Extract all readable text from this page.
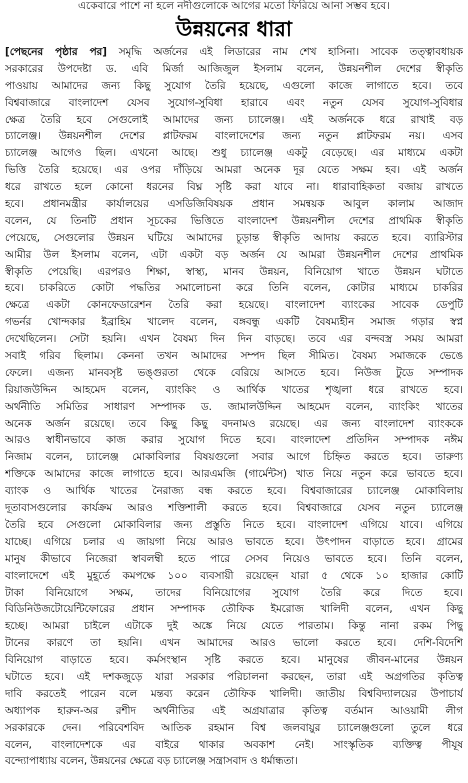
একেবারে পাশে না হলে নদীগুলোকে আগের মতো ফিরিয়ে আনা সম্ভব হবে।
উন্নয়নের ধারা
[পেছনের পৃষ্ঠার পর] সমৃদ্ধি অর্জনের এই লিডারের নাম শেখ হাসিনা। সাবেক তত্ত্বাবধায়ক
সরকারের উপদেষ্টা ড. এবি মির্জা আজিজুল ইসলাম বলেন, উন্নয়নশীল দেশের স্বীকৃতি
পাওয়ায় আমাদের জন্য কিছু সুযোগ তৈরি হয়েছে, এগুলো কাজে লাগাতে হবে। তবে
বিশ্ববাজারে বাংলাদেশ যেসব সুযোগ-সুবিধা হারাবে এবং নতুন যেসব সুযোগ-সুবিধার
ক্ষেত্র তৈরি হবে সেগুলোই আমাদের জন্য চ্যালেঞ্জ। এই অর্জনকে ধরে রাখাই বড়
চ্যালেঞ্জ। উন্নয়নশীল দেশের প্লাটফরম বাংলাদেশের জন্য নতুন প্লাটফরম নয়। এসব
চ্যালেঞ্জ আগেও ছিল। এখনো আছে। শুধু চ্যালেঞ্জ একটু বেড়েছে। এর মাধ্যমে একটা
ভিত্তি তৈরি হয়েছে। এর ওপর দাঁড়িয়ে আমরা অনেক দূর যেতে সক্ষম হব। এই অর্জন
ধরে রাখতে হলে কোনো ধরনের বিঘ্ন সৃষ্টি করা যাবে না। ধারাবাহিকতা বজায় রাখতে
হবে। প্রধানমন্ত্রীর কার্যালয়ের এসডিজিবিষয়ক প্রধান সমন্বয়ক আবুল কালাম আজাদ
বলেন, যে তিনটি প্রধান সূচকের ভিত্তিতে বাংলাদেশ উন্নয়নশীল দেশের প্রাথমিক স্বীকৃতি
পেয়েছে, সেগুলোর উন্নয়ন ঘটিয়ে আমাদের চূড়ান্ত স্বীকৃতি আদায় করতে হবে। ব্যারিস্টার
আমীর উল ইসলাম বলেন, এটা একটা বড় অর্জন যে আমরা উন্নয়নশীল দেশের প্রাথমিক
স্বীকৃতি পেয়েছি। এরপরও শিক্ষা, স্বাস্থ্য, মানব উন্নয়ন, বিনিয়োগ খাতে উন্নয়ন ঘটাতে
হবে। চাকরিতে কোটা পদ্ধতির সমালোচনা করে তিনি বলেন, কোটার মাধ্যমে চাকরির
ক্ষেত্রে একটা কোনফেডারেশন তৈরি করা হয়েছে। বাংলাদেশ ব্যাংকের সাবেক ডেপুটি
গভর্নর খোন্দকার ইব্রাহিম খালেদ বলেন, বঙ্গবন্ধু একটি বৈষম্যহীন সমাজ গড়ার স্বপ্ন
দেখেছিলেন। সেটা হয়নি। এখন বৈষম্য দিন দিন বাড়ছে। তবে এর বন্দবস্ত্র সময় আমরা
সবাই গরিব ছিলাম। কেননা তখন আমাদের সম্পদ ছিল সীমিত। বৈষম্য সমাজকে ভেঙে
ফেলে। এজন্য মানবসৃষ্ট ভঙ্গুরতা থেকে বেরিয়ে আসতে হবে। নিউজ টুডে সম্পাদক
রিয়াজউদ্দিন আহমেদ বলেন, ব্যাংকিং ও আর্থিক খাতের শৃঙ্খলা ধরে রাখতে হবে।
অর্থনীতি সমিতির সাধারণ সম্পাদক ড. জামালউদ্দিন আহমেদ বলেন, ব্যাংকিং খাতের
অনেক অর্জন রয়েছে। তবে কিছু কিছু বদনামও রয়েছে। এর জন্য বাংলাদেশ ব্যাংককে
আরও স্বাধীনভাবে কাজ করার সুযোগ দিতে হবে। বাংলাদেশ প্রতিদিন সম্পাদক নঈম
নিজাম বলেন, চ্যালেঞ্জ মোকাবিলার বিষয়গুলো সবার আগে চিহ্নিত করতে হবে। তারুণ্য
শক্তিকে আমাদের কাজে লাগাতে হবে। আরএমজি (গার্মেন্টস) খাত নিয়ে নতুন করে ভাবতে হবে।
ব্যাংক ও আর্থিক খাতের নৈরাজ্য বন্ধ করতে হবে। বিশ্ববাজারের চ্যালেঞ্জ মোকাবিলায়
দূতাবাসগুলোর কার্যক্রম আরও শক্তিশালী করতে হবে। বিশ্ববাজারে যেসব নতুন চ্যালেঞ্জ
তৈরি হবে সেগুলো মোকাবিলার জন্য প্রস্তুতি নিতে হবে। বাংলাদেশ এগিয়ে যাবে। এগিয়ে
যাচ্ছে। এগিয়ে চলার এ জায়গা নিয়ে আরও ভাবতে হবে। উৎপাদন বাড়াতে হবে। গ্রামের
মানুষ কীভাবে নিজেরা স্বাবলম্বী হতে পারে সেসব নিয়েও ভাবতে হবে। তিনি বলেন,
বাংলাদেশে এই মুহূর্তে কমপক্ষে ১০০ ব্যবসায়ী রয়েছেন যারা ৫ থেকে ১০ হাজার কোটি
টাকা বিনিয়োগে সক্ষম, তাদের বিনিয়োগের সুযোগ তৈরি করে দিতে হবে।
বিডিনিউজটোয়েন্টিফোরের প্রধান সম্পাদক তৌফিক ইমরোজ খালিদী বলেন, এখন কিছু
হচ্ছে। আমরা চাইলে এটাকে দুই অঙ্কে নিয়ে যেতে পারতাম। কিন্তু নানা রকম পিছু
টানের কারণে তা হয়নি। এখন আমাদের আরও ভালো করতে হবে। দেশি-বিদেশি
বিনিয়োগ বাড়াতে হবে। কর্মসংস্থান সৃষ্টি করতে হবে। মানুষের জীবন-মানের উন্নয়ন
ঘটাতে হবে। এই দশকজুড়ে যারা সরকার পরিচালনা করছেন, তারা এই অগ্রগতির কৃতিত্ব
দাবি করতেই পারেন বলে মন্তব্য করেন তৌফিক খালিদী। জাতীয় বিশ্ববিদ্যালয়ের উপাচার্য
অধ্যাপক হারুন-অর রশীদ অর্থনীতির এই অগ্রযাত্রার কৃতিত্ব বর্তমান আওয়ামী লীগ
সরকারকে দেন। পরিবেশবিদ আতিক রহমান বিশ্ব জলবায়ুর চ্যালেঞ্জগুলো তুলে ধরে
বলেন, বাংলাদেশকে এর বাইরে থাকার অবকাশ নেই। সাংস্কৃতিক ব্যক্তিত্ব পীযূষ
বন্দ্যোপাধ্যায় বলেন, উন্নয়নের ক্ষেত্রে বড় চ্যালেঞ্জ সন্ত্রাসবাদ ও ধর্মান্ধতা।
